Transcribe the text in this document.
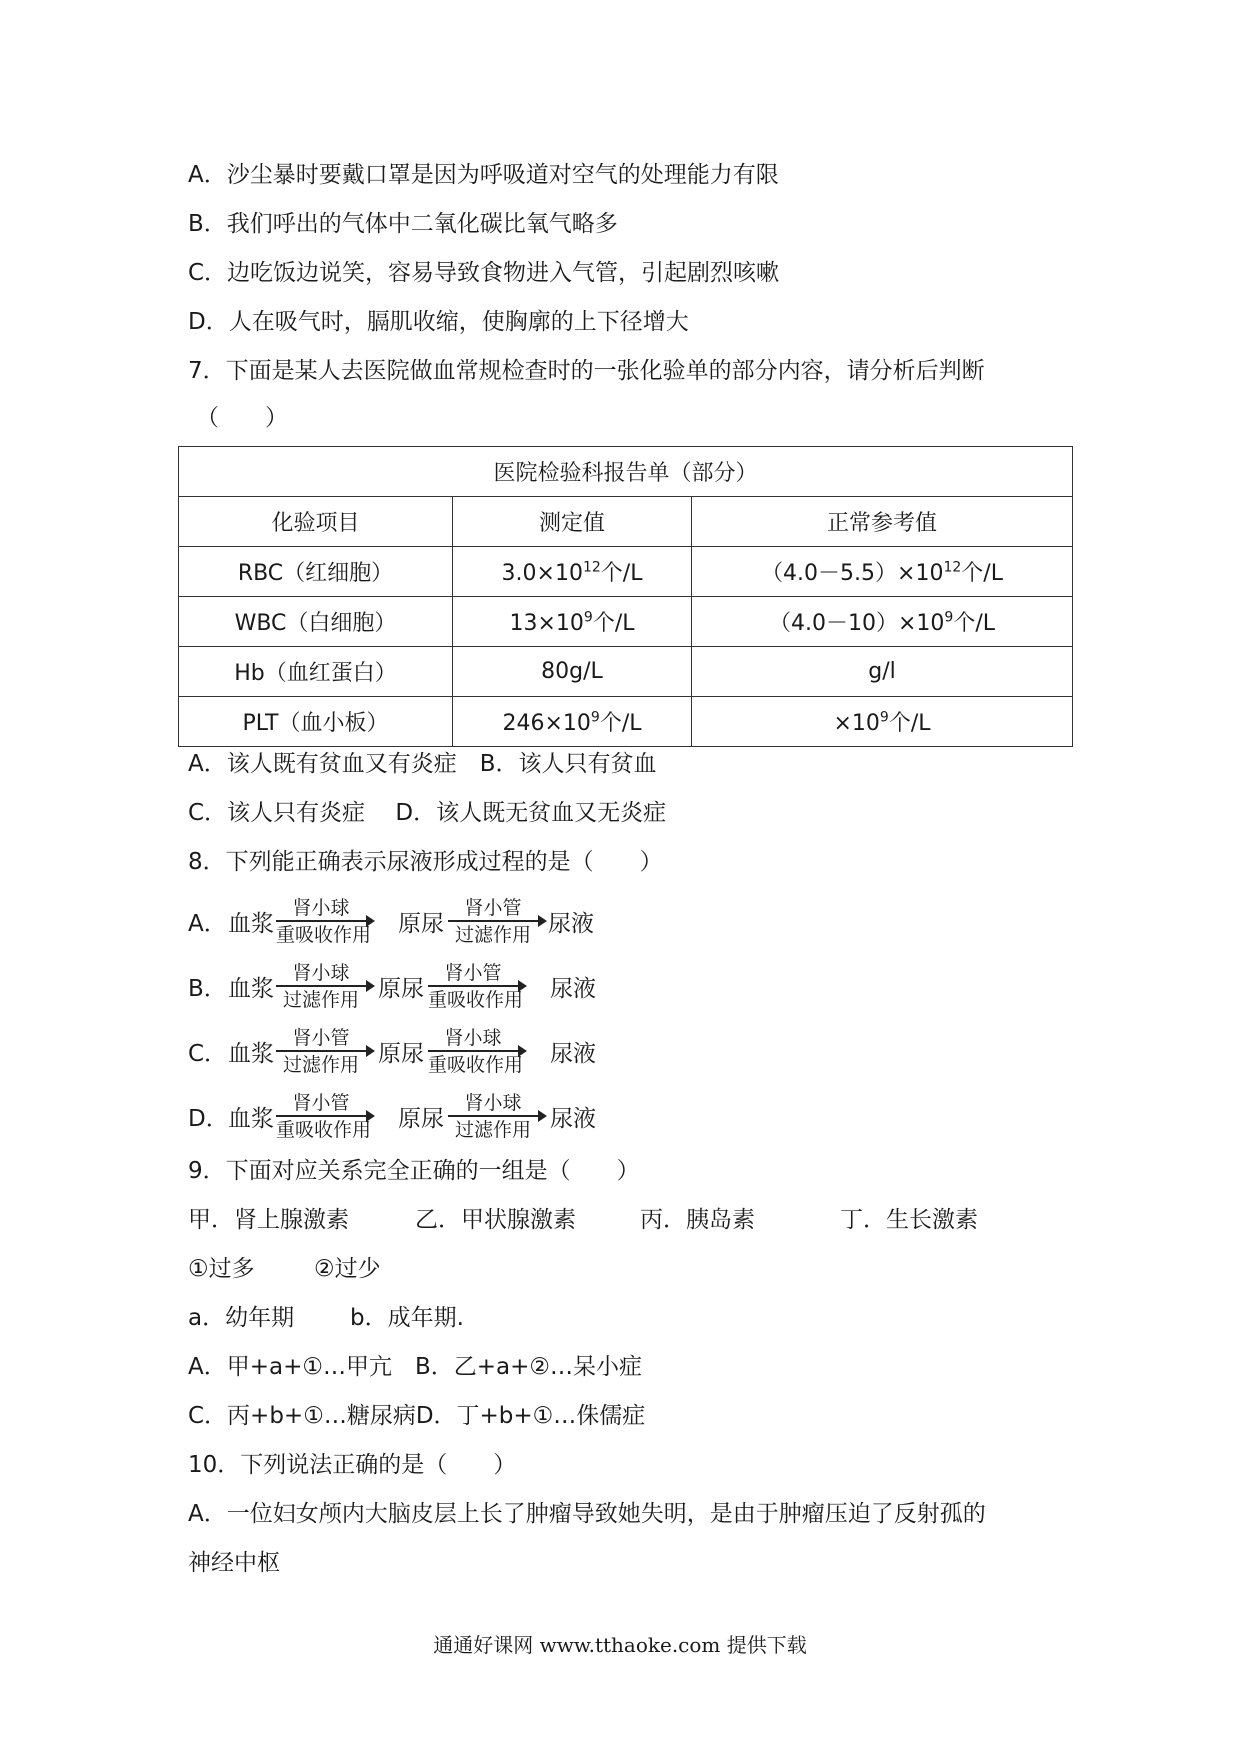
A．沙尘暴时要戴口罩是因为呼吸道对空气的处理能力有限
B．我们呼出的气体中二氧化碳比氧气略多
C．边吃饭边说笑，容易导致食物进入气管，引起剧烈咳嗽
D．人在吸气时，膈肌收缩，使胸廓的上下径增大
7．下面是某人去医院做血常规检查时的一张化验单的部分内容，请分析后判断
（　　）
医院检验科报告单（部分）		
化验项目	测定值	正常参考值
RBC（红细胞）	$3.0\times 10^{12}$个/L	$(4.0-5.5)\times 10^{12}$个/L
WBC（白细胞）	$13\times 10^9$个/L	$(4.0-10)\times 10^9$个/L
Hb（血红蛋白）	80g/L	g/l
PLT（血小板）	$246\times 10^9$个/L	$\times 10^9$个/L
A．该人既有贫血又有炎症　B．该人只有贫血
C．该人只有炎症　 D．该人既无贫血又无炎症
8．下列能正确表示尿液形成过程的是（　　）
A． 血浆
肾小球
重吸收作用 原尿
肾小管
过滤作用 尿液
B． 血浆
肾小球
过滤作用 原尿
肾小管
重吸收作用 尿液
C． 血浆
肾小管
过滤作用 原尿
肾小球
重吸收作用 尿液
D． 血浆
肾小管
重吸收作用 原尿
肾小球
过滤作用 尿液
9．下面对应关系完全正确的一组是（　　）
甲．肾上腺激素	乙．甲状腺激素	丙．胰岛素	丁．生长激素
①过多	②过少
a．幼年期 b．成年期.
A．甲+a+①…甲亢　B．乙+a+②…呆小症
C．丙+b+①…糖尿病D．丁+b+①…侏儒症
10．下列说法正确的是（　　）
A．一位妇女颅内大脑皮层上长了肿瘤导致她失明，是由于肿瘤压迫了反射孤的
神经中枢
通通好课网 www.tthaoke.com 提供下载
